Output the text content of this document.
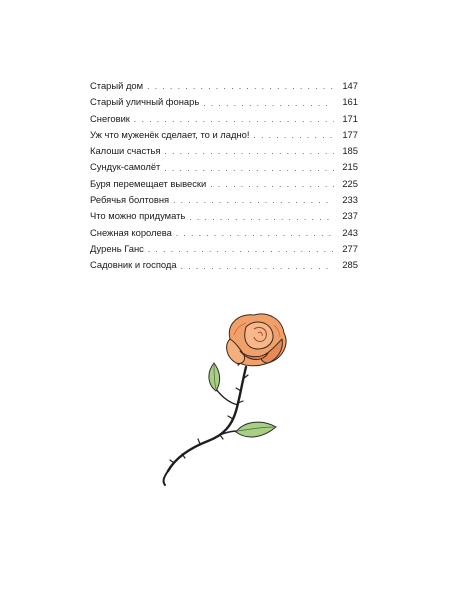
Старый дом . . .	147
Старый уличный фонарь . . .	161
Снеговик . . .	171
Уж что муженёк сделает, то и ладно! . . .	177
Калоши счастья . . .	185
Сундук-самолёт . . .	215
Буря перемещает вывески . . .	225
Ребячья болтовня . . .	233
Что можно придумать . . .	237
Снежная королева . . .	243
Дурень Ганс . . .	277
Садовник и господа . . .	285
